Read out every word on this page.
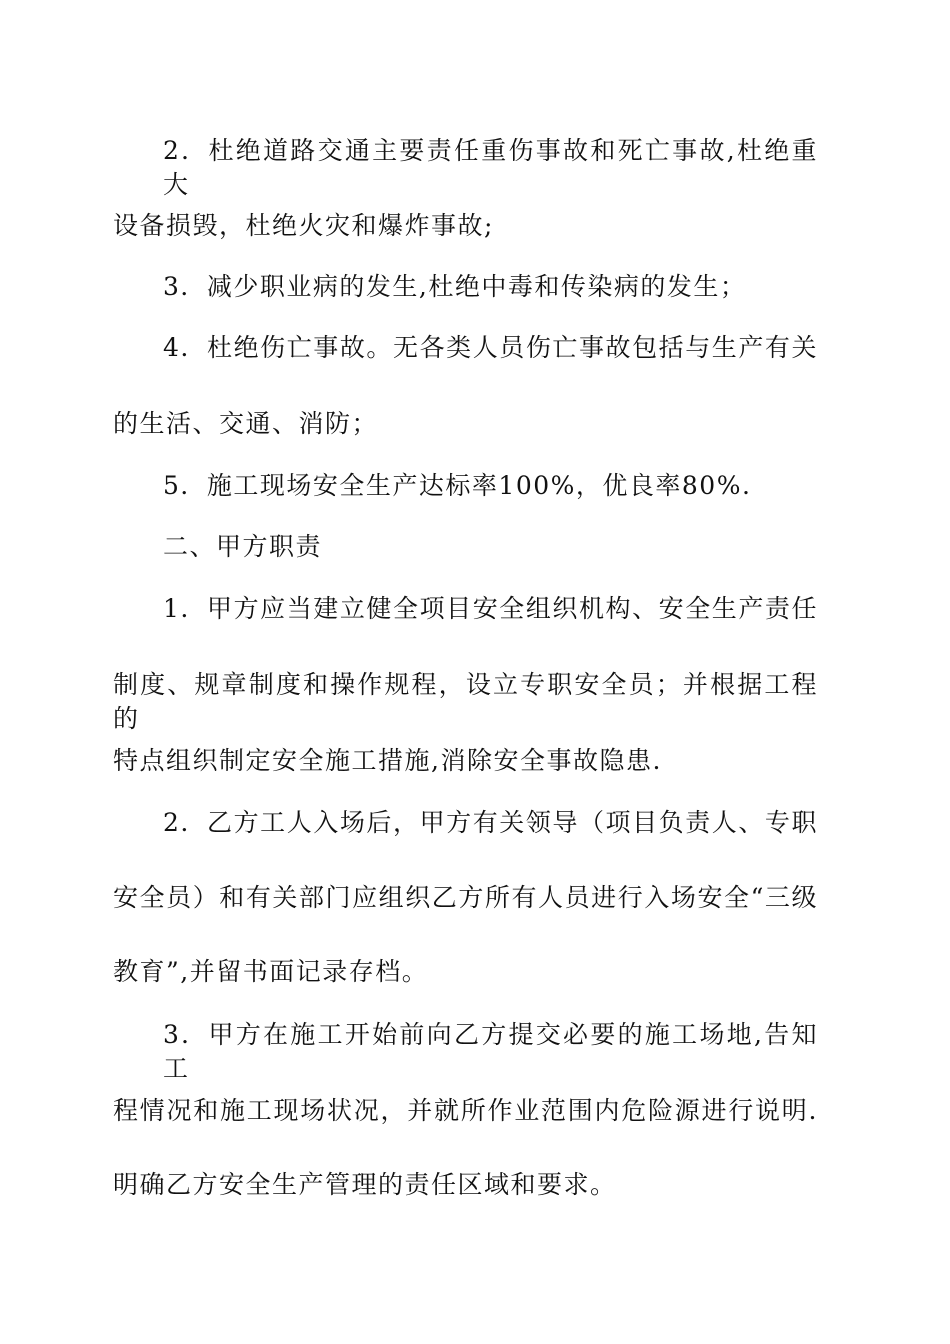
2．杜绝道路交通主要责任重伤事故和死亡事故,杜绝重大
设备损毁，杜绝火灾和爆炸事故;
3．减少职业病的发生,杜绝中毒和传染病的发生；
4．杜绝伤亡事故。无各类人员伤亡事故包括与生产有关
的生活、交通、消防；
5．施工现场安全生产达标率100%，优良率80%.
二、甲方职责
1．甲方应当建立健全项目安全组织机构、安全生产责任
制度、规章制度和操作规程，设立专职安全员；并根据工程的
特点组织制定安全施工措施,消除安全事故隐患.
2．乙方工人入场后，甲方有关领导（项目负责人、专职
安全员）和有关部门应组织乙方所有人员进行入场安全“三级
教育”,并留书面记录存档。
3．甲方在施工开始前向乙方提交必要的施工场地,告知工
程情况和施工现场状况，并就所作业范围内危险源进行说明.
明确乙方安全生产管理的责任区域和要求。
